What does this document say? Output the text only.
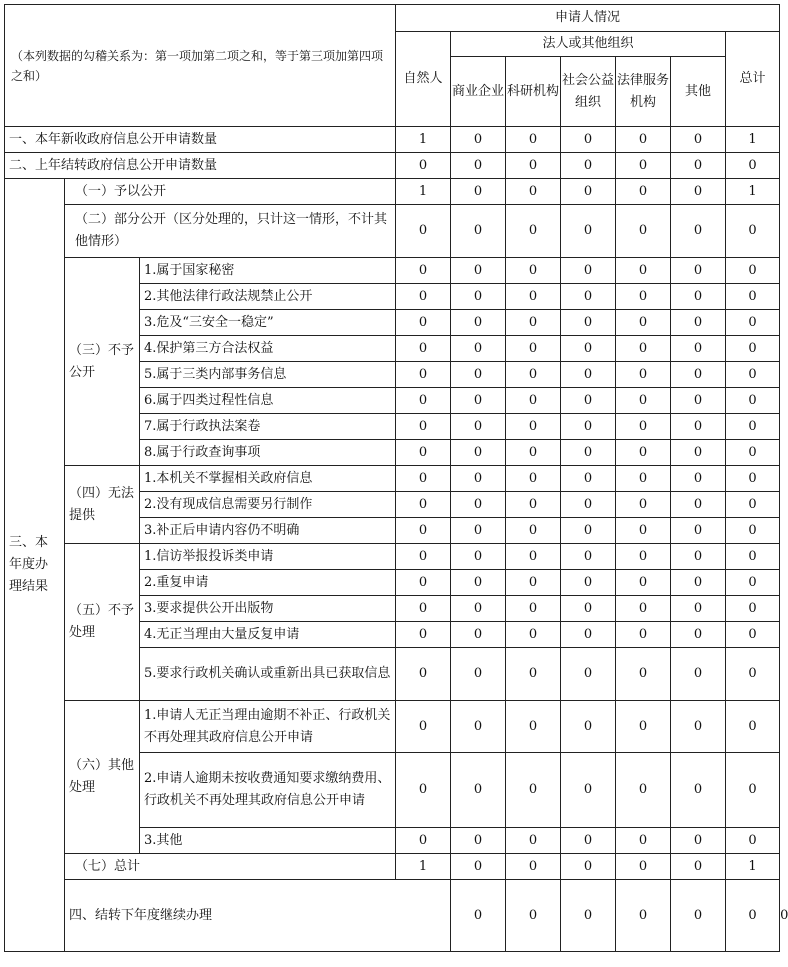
（本列数据的勾稽关系为：第一项加第二项之和，等于第三项加第四项之和）			申请人情况							
			自然人	法人或其他组织					总计	
				商业企业	科研机构	社会公益组织	法律服务机构	其他		
一、本年新收政府信息公开申请数量			1	0	0	0	0	0	1	
二、上年结转政府信息公开申请数量			0	0	0	0	0	0	0	
三、本年度办理结果	（一）予以公开		1	0	0	0	0	0	1	
	（二）部分公开（区分处理的，只计这一情形，不计其他情形）		0	0	0	0	0	0	0	
	（三）不予公开	1.属于国家秘密	0	0	0	0	0	0	0	
		2.其他法律行政法规禁止公开	0	0	0	0	0	0	0	
		3.危及“三安全一稳定”	0	0	0	0	0	0	0	
		4.保护第三方合法权益	0	0	0	0	0	0	0	
		5.属于三类内部事务信息	0	0	0	0	0	0	0	
		6.属于四类过程性信息	0	0	0	0	0	0	0	
		7.属于行政执法案卷	0	0	0	0	0	0	0	
		8.属于行政查询事项	0	0	0	0	0	0	0	
	（四）无法提供	1.本机关不掌握相关政府信息	0	0	0	0	0	0	0	
		2.没有现成信息需要另行制作	0	0	0	0	0	0	0	
		3.补正后申请内容仍不明确	0	0	0	0	0	0	0	
	（五）不予处理	1.信访举报投诉类申请	0	0	0	0	0	0	0	
		2.重复申请	0	0	0	0	0	0	0	
		3.要求提供公开出版物	0	0	0	0	0	0	0	
		4.无正当理由大量反复申请	0	0	0	0	0	0	0	
		5.要求行政机关确认或重新出具已获取信息	0	0	0	0	0	0	0	
	（六）其他处理	1.申请人无正当理由逾期不补正、行政机关不再处理其政府信息公开申请	0	0	0	0	0	0	0	
		2.申请人逾期未按收费通知要求缴纳费用、行政机关不再处理其政府信息公开申请	0	0	0	0	0	0	0	
		3.其他	0	0	0	0	0	0	0	
	（七）总计		1	0	0	0	0	0	1	
	四、结转下年度继续办理			0	0	0	0	0	0	0
